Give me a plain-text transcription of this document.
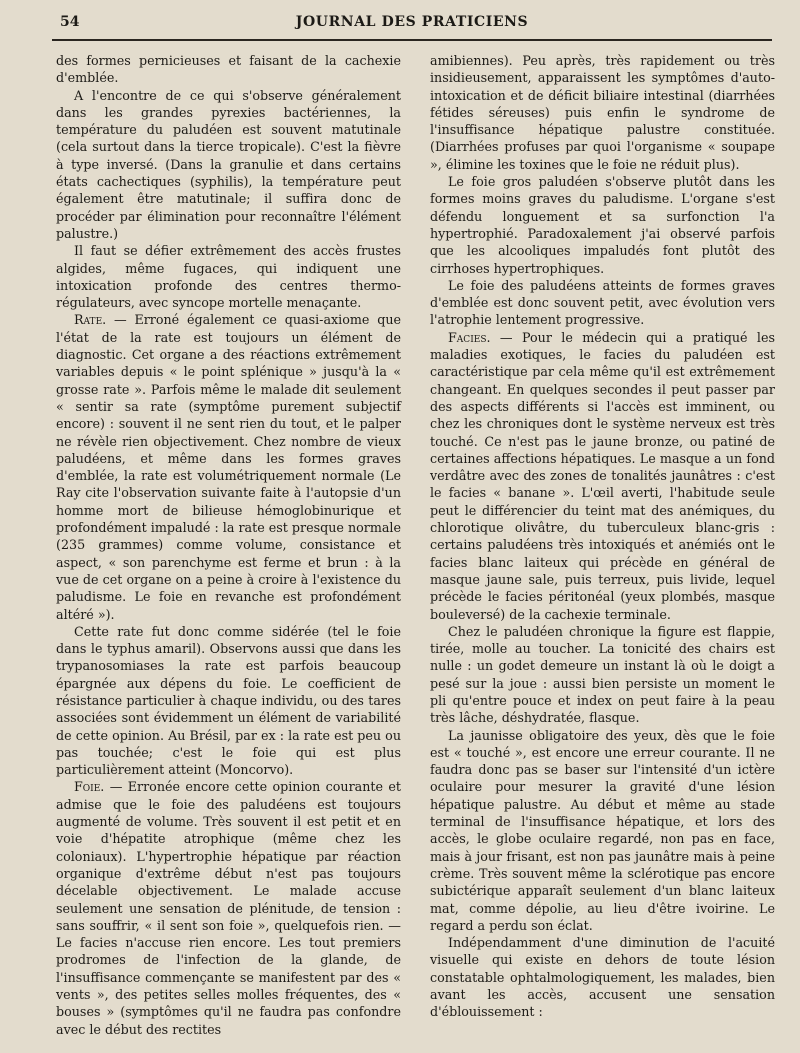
54	JOURNAL DES PRATICIENS

des formes pernicieuses et faisant de la cachexie d'emblée.

A l'encontre de ce qui s'observe généralement dans les grandes pyrexies bactériennes, la température du paludéen est souvent matutinale (cela surtout dans la tierce tropicale). C'est la fièvre à type inversé. (Dans la granulie et dans certains états cachectiques (syphilis), la température peut également être matutinale; il suffira donc de procéder par élimination pour reconnaître l'élément palustre.)

Il faut se défier extrêmement des accès frustes algides, même fugaces, qui indiquent une intoxication profonde des centres thermo-régulateurs, avec syncope mortelle menaçante.

Rate. — Erroné également ce quasi-axiome que l'état de la rate est toujours un élément de diagnostic. Cet organe a des réactions extrêmement variables depuis « le point splénique » jusqu'à la « grosse rate ». Parfois même le malade dit seulement « sentir sa rate (symptôme purement subjectif encore) : souvent il ne sent rien du tout, et le palper ne révèle rien objectivement. Chez nombre de vieux paludéens, et même dans les formes graves d'emblée, la rate est volumétriquement normale (Le Ray cite l'observation suivante faite à l'autopsie d'un homme mort de bilieuse hémoglobinurique et profondément impaludé : la rate est presque normale (235 grammes) comme volume, consistance et aspect, « son parenchyme est ferme et brun : à la vue de cet organe on a peine à croire à l'existence du paludisme. Le foie en revanche est profondément altéré »).

Cette rate fut donc comme sidérée (tel le foie dans le typhus amaril). Observons aussi que dans les trypanosomiases la rate est parfois beaucoup épargnée aux dépens du foie. Le coefficient de résistance particulier à chaque individu, ou des tares associées sont évidemment un élément de variabilité de cette opinion. Au Brésil, par ex : la rate est peu ou pas touchée; c'est le foie qui est plus particulièrement atteint (Moncorvo).

Foie. — Erronée encore cette opinion courante et admise que le foie des paludéens est toujours augmenté de volume. Très souvent il est petit et en voie d'hépatite atrophique (même chez les coloniaux). L'hypertrophie hépatique par réaction organique d'extrême début n'est pas toujours décelable objectivement. Le malade accuse seulement une sensation de plénitude, de tension : sans souffrir, « il sent son foie », quelquefois rien. — Le facies n'accuse rien encore. Les tout premiers prodromes de l'infection de la glande, de l'insuffisance commençante se manifestent par des « vents », des petites selles molles fréquentes, des « bouses » (symptômes qu'il ne faudra pas confondre avec le début des rectites

amibiennes). Peu après, très rapidement ou très insidieusement, apparaissent les symptômes d'auto-intoxication et de déficit biliaire intestinal (diarrhées fétides séreuses) puis enfin le syndrome de l'insuffisance hépatique palustre constituée. (Diarrhées profuses par quoi l'organisme « soupape », élimine les toxines que le foie ne réduit plus).

Le foie gros paludéen s'observe plutôt dans les formes moins graves du paludisme. L'organe s'est défendu longuement et sa surfonction l'a hypertrophié. Paradoxalement j'ai observé parfois que les alcooliques impaludés font plutôt des cirrhoses hypertrophiques.

Le foie des paludéens atteints de formes graves d'emblée est donc souvent petit, avec évolution vers l'atrophie lentement progressive.

Facies. — Pour le médecin qui a pratiqué les maladies exotiques, le facies du paludéen est caractéristique par cela même qu'il est extrêmement changeant. En quelques secondes il peut passer par des aspects différents si l'accès est imminent, ou chez les chroniques dont le système nerveux est très touché. Ce n'est pas le jaune bronze, ou patiné de certaines affections hépatiques. Le masque a un fond verdâtre avec des zones de tonalités jaunâtres : c'est le facies « banane ». L'œil averti, l'habitude seule peut le différencier du teint mat des anémiques, du chlorotique olivâtre, du tuberculeux blanc-gris : certains paludéens très intoxiqués et anémiés ont le facies blanc laiteux qui précède en général de masque jaune sale, puis terreux, puis livide, lequel précède le facies péritonéal (yeux plombés, masque bouleversé) de la cachexie terminale.

Chez le paludéen chronique la figure est flappie, tirée, molle au toucher. La tonicité des chairs est nulle : un godet demeure un instant là où le doigt a pesé sur la joue : aussi bien persiste un moment le pli qu'entre pouce et index on peut faire à la peau très lâche, déshydratée, flasque.

La jaunisse obligatoire des yeux, dès que le foie est « touché », est encore une erreur courante. Il ne faudra donc pas se baser sur l'intensité d'un ictère oculaire pour mesurer la gravité d'une lésion hépatique palustre. Au début et même au stade terminal de l'insuffisance hépatique, et lors des accès, le globe oculaire regardé, non pas en face, mais à jour frisant, est non pas jaunâtre mais à peine crème. Très souvent même la sclérotique pas encore subictérique apparaît seulement d'un blanc laiteux mat, comme dépolie, au lieu d'être ivoirine. Le regard a perdu son éclat.

Indépendamment d'une diminution de l'acuité visuelle qui existe en dehors de toute lésion constatable ophtalmologiquement, les malades, bien avant les accès, accusent une sensation d'éblouissement :
